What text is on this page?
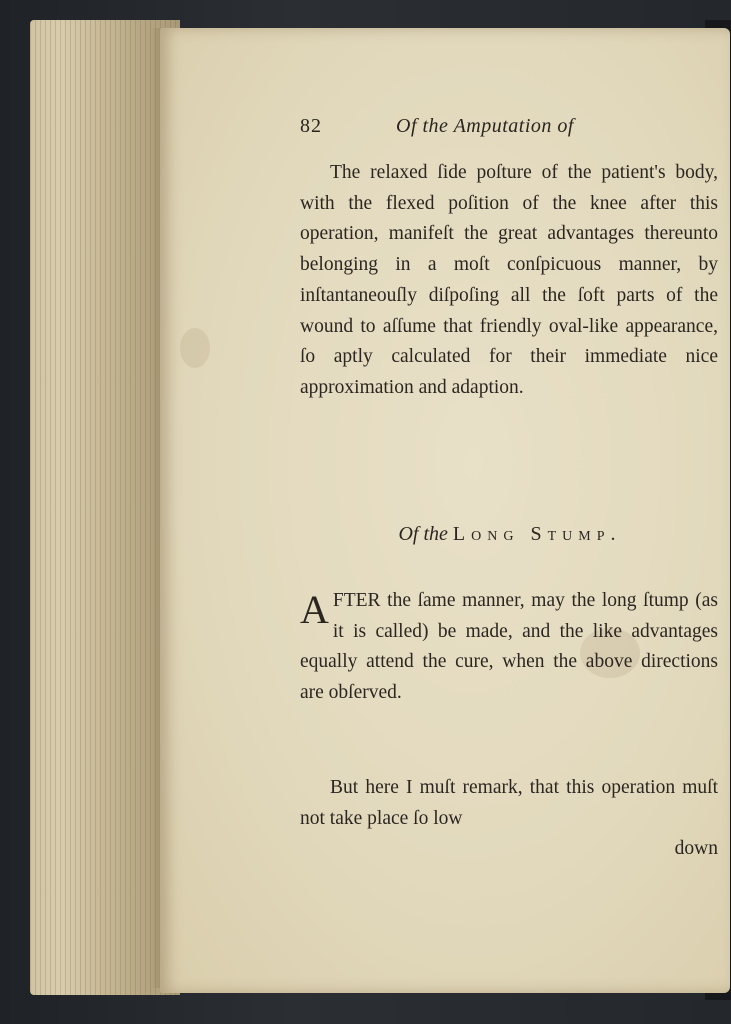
82	Of the Amputation of
The relaxed ſide poſture of the patient's body, with the flexed poſition of the knee after this operation, manifeſt the great advantages thereunto belonging in a moſt conſpicuous manner, by inſtantaneouſly diſpoſing all the ſoft parts of the wound to aſſume that friendly oval-like appearance, ſo aptly calculated for their immediate nice approximation and adaption.
Of the Long Stump.
AFTER the ſame manner, may the long ſtump (as it is called) be made, and the like advantages equally attend the cure, when the above directions are obſerved.
But here I muſt remark, that this operation muſt not take place ſo low
down
